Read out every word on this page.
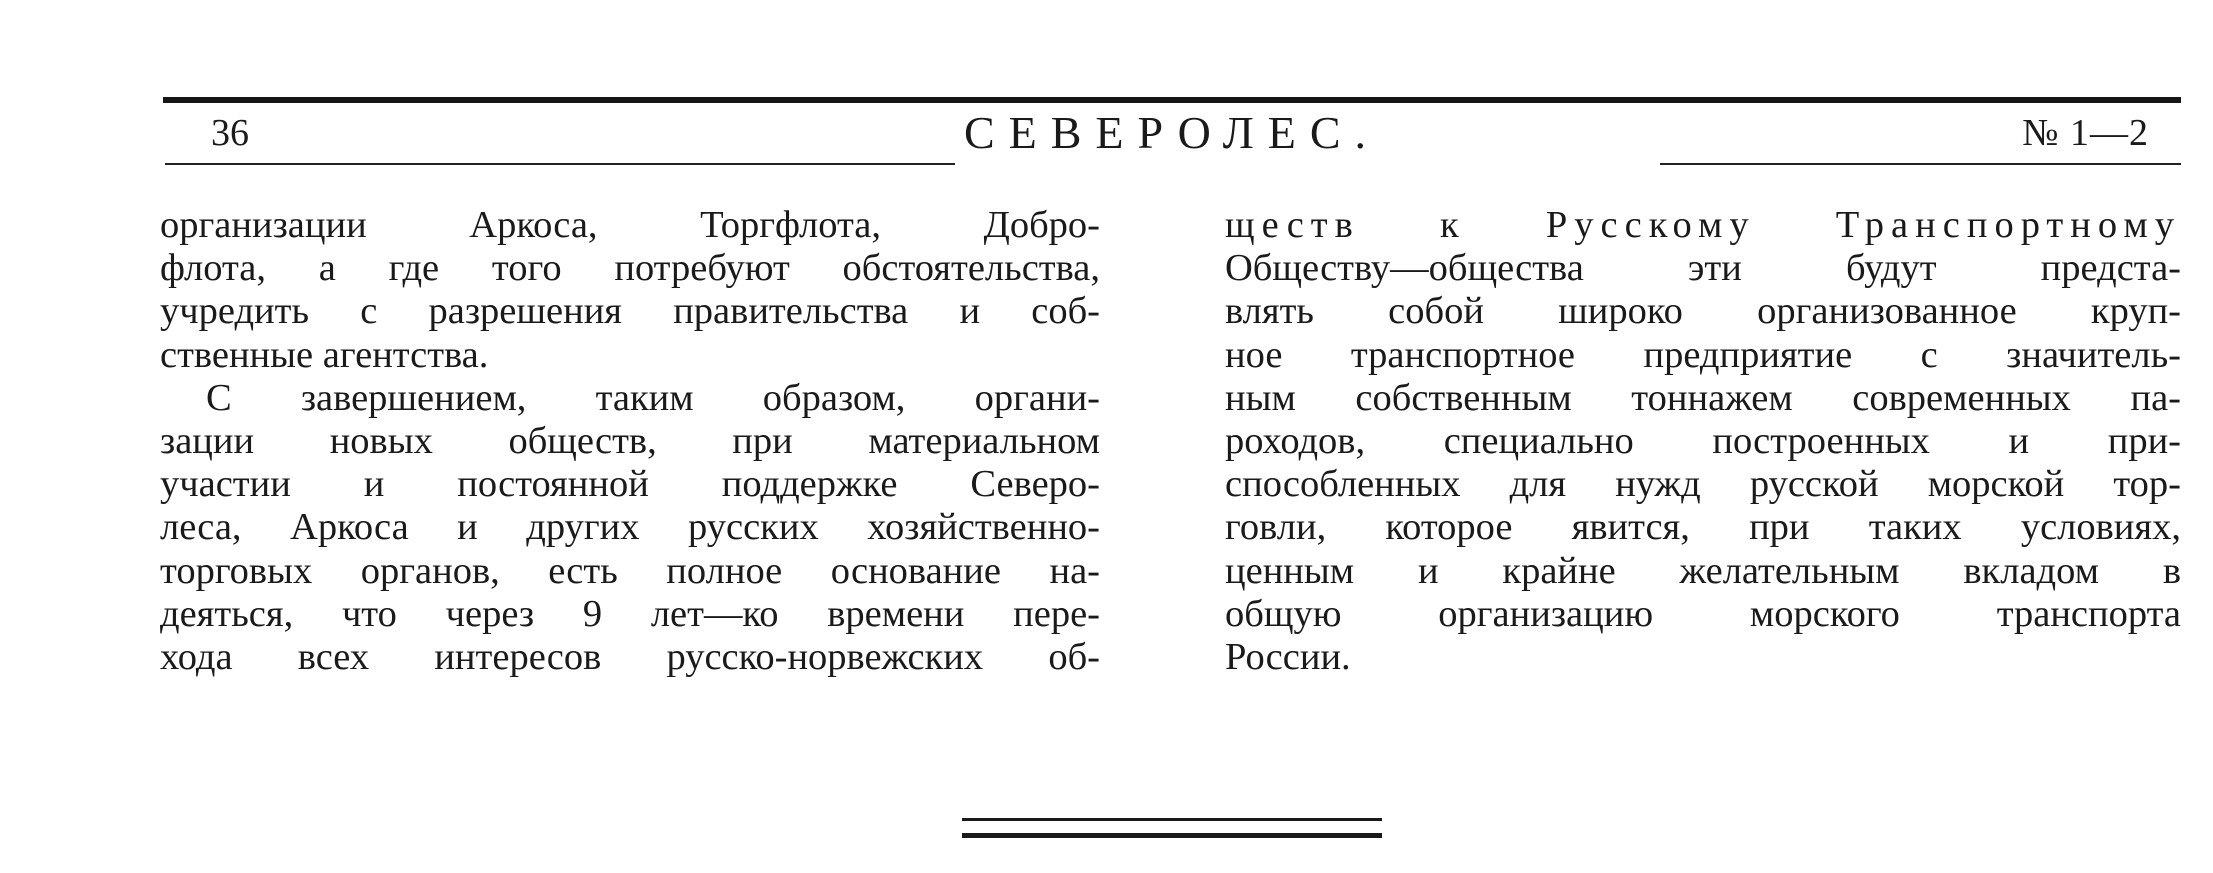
36	СЕВЕРОЛЕС.	№ 1—2
организации Аркоса, Торгфлота, Добро-
флота, а где того потребуют обстоятельства,
учредить с разрешения правительства и соб-
ственные агентства.
С завершением, таким образом, органи-
зации новых обществ, при материальном
участии и постоянной поддержке Северо-
леса, Аркоса и других русских хозяйственно-
торговых органов, есть полное основание на-
деяться, что через 9 лет—ко времени пере-
хода всех интересов русско-норвежских об-
ществ к Русскому Транспортному
Обществу—общества эти будут предста-
влять собой широко организованное круп-
ное транспортное предприятие с значитель-
ным собственным тоннажем современных па-
роходов, специально построенных и при-
способленных для нужд русской морской тор-
говли, которое явится, при таких условиях,
ценным и крайне желательным вкладом в
общую организацию морского транспорта
России.
